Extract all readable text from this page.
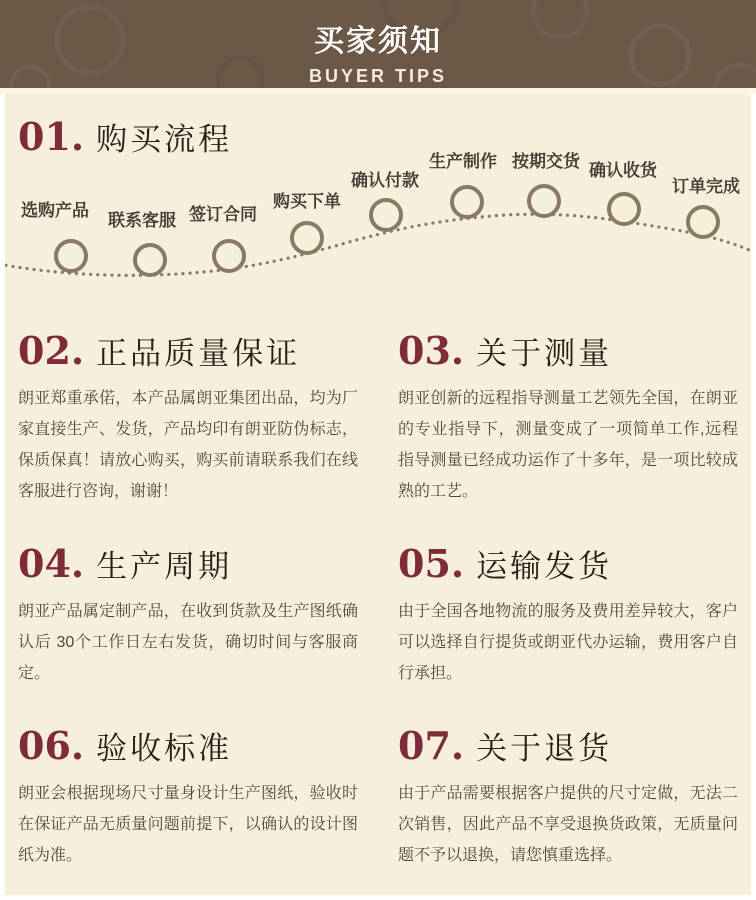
买家须知
BUYER TIPS
01. 购买流程
选购产品
联系客服 签订合同
购买下单
确认付款
生产制作 按期交货 确认收货
订单完成
02. 正品质量保证

朗亚郑重承偌，本产品属朗亚集团出品，均为厂家直接生产、发货，产品均印有朗亚防伪标志，保质保真！请放心购买，购买前请联系我们在线客服进行咨询，谢谢！

03. 关于测量

朗亚创新的远程指导测量工艺领先全国，在朗亚的专业指导下，测量变成了一项简单工作,远程指导测量已经成功运作了十多年，是一项比较成熟的工艺。

04. 生产周期

朗亚产品属定制产品，在收到货款及生产图纸确认后 30个工作日左右发货，确切时间与客服商定。

05. 运输发货

由于全国各地物流的服务及费用差异较大，客户可以选择自行提货或朗亚代办运输，费用客户自行承担。

06. 验收标准

朗亚会根据现场尺寸量身设计生产图纸，验收时在保证产品无质量问题前提下，以确认的设计图纸为准。

07. 关于退货

由于产品需要根据客户提供的尺寸定做，无法二次销售，因此产品不享受退换货政策，无质量问题不予以退换，请您慎重选择。
